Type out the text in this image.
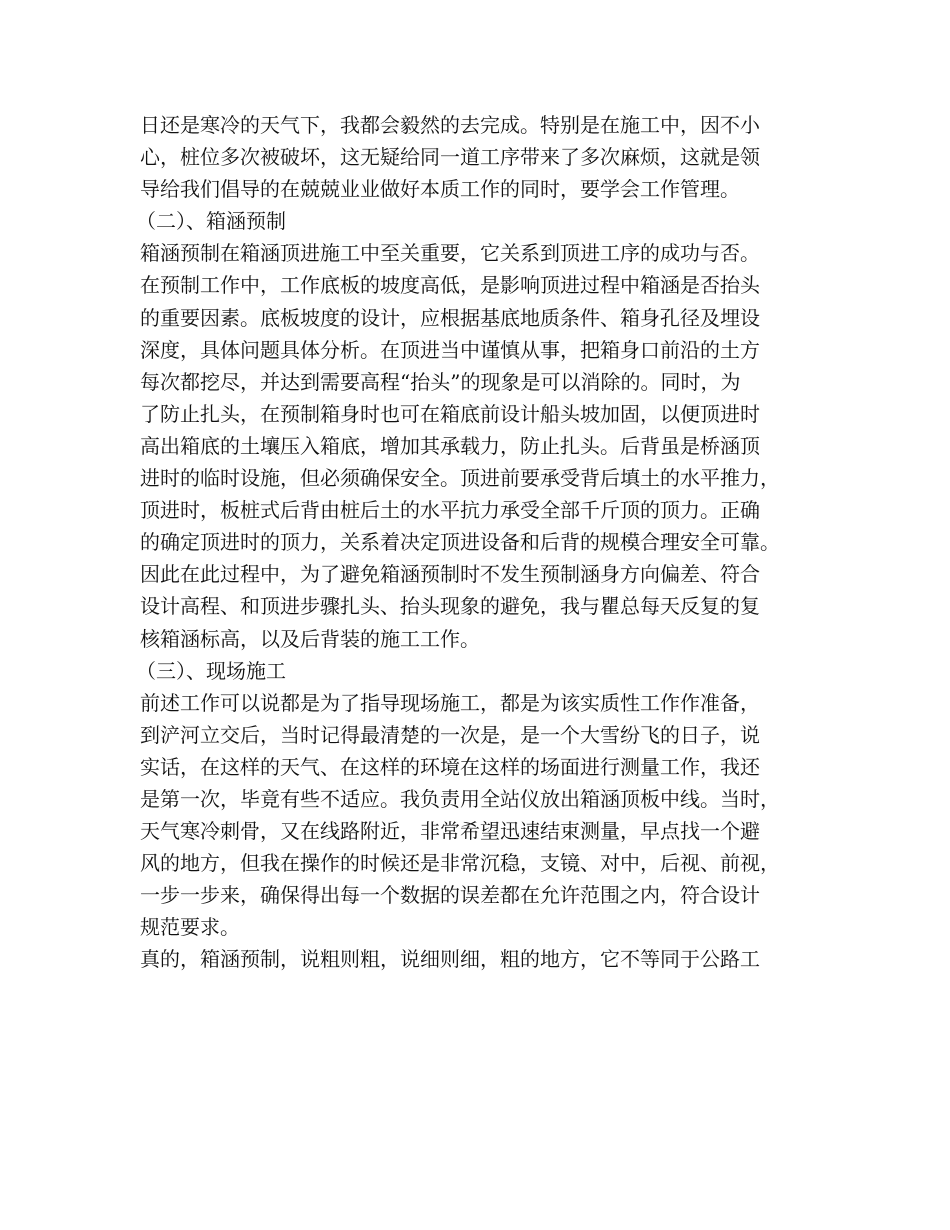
日还是寒冷的天气下，我都会毅然的去完成。特别是在施工中，因不小
心，桩位多次被破坏，这无疑给同一道工序带来了多次麻烦，这就是领
导给我们倡导的在兢兢业业做好本质工作的同时，要学会工作管理。
（二）、箱涵预制
箱涵预制在箱涵顶进施工中至关重要，它关系到顶进工序的成功与否。
在预制工作中，工作底板的坡度高低，是影响顶进过程中箱涵是否抬头
的重要因素。底板坡度的设计，应根据基底地质条件、箱身孔径及埋设
深度，具体问题具体分析。在顶进当中谨慎从事，把箱身口前沿的土方
每次都挖尽，并达到需要高程“抬头”的现象是可以消除的。同时，为
了防止扎头，在预制箱身时也可在箱底前设计船头坡加固，以便顶进时
高出箱底的土壤压入箱底，增加其承载力，防止扎头。后背虽是桥涵顶
进时的临时设施，但必须确保安全。顶进前要承受背后填土的水平推力，
顶进时，板桩式后背由桩后土的水平抗力承受全部千斤顶的顶力。正确
的确定顶进时的顶力，关系着决定顶进设备和后背的规模合理安全可靠。
因此在此过程中，为了避免箱涵预制时不发生预制涵身方向偏差、符合
设计高程、和顶进步骤扎头、抬头现象的避免，我与瞿总每天反复的复
核箱涵标高，以及后背装的施工工作。
（三）、现场施工
前述工作可以说都是为了指导现场施工，都是为该实质性工作作准备，
到浐河立交后，当时记得最清楚的一次是，是一个大雪纷飞的日子，说
实话，在这样的天气、在这样的环境在这样的场面进行测量工作，我还
是第一次，毕竟有些不适应。我负责用全站仪放出箱涵顶板中线。当时，
天气寒冷刺骨，又在线路附近，非常希望迅速结束测量，早点找一个避
风的地方，但我在操作的时候还是非常沉稳，支镜、对中，后视、前视，
一步一步来，确保得出每一个数据的误差都在允许范围之内，符合设计
规范要求。
真的，箱涵预制，说粗则粗，说细则细，粗的地方，它不等同于公路工
